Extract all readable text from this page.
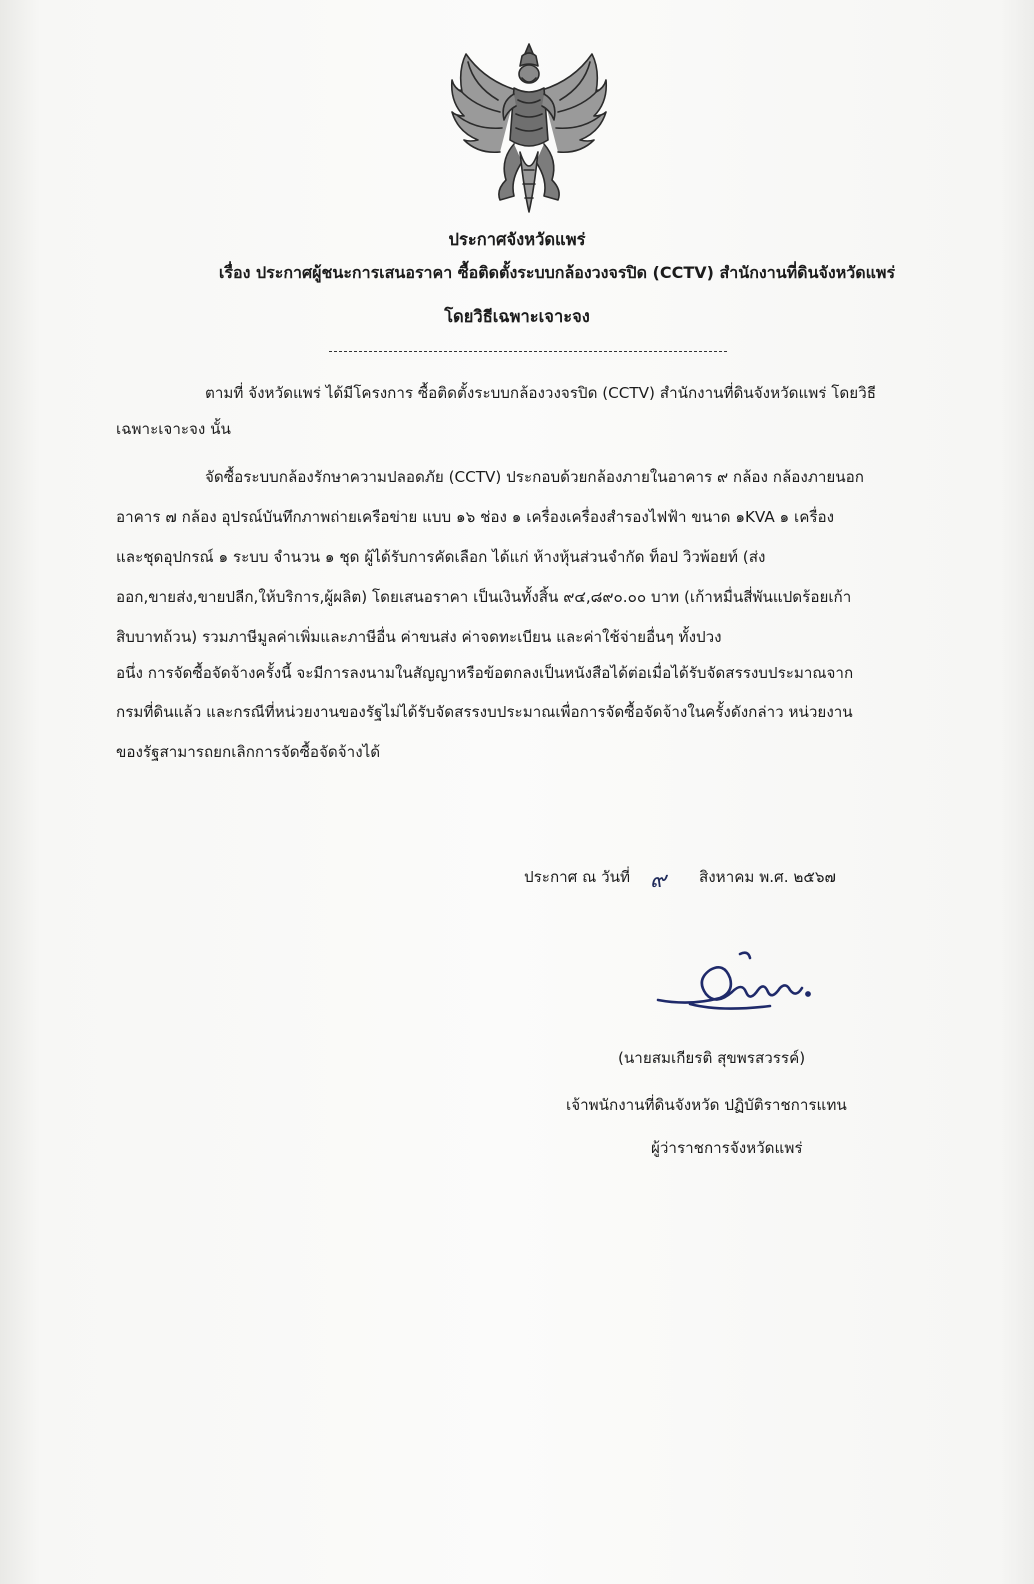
ประกาศจังหวัดแพร่
เรื่อง ประกาศผู้ชนะการเสนอราคา ซื้อติดตั้งระบบกล้องวงจรปิด (CCTV) สำนักงานที่ดินจังหวัดแพร่
โดยวิธีเฉพาะเจาะจง
ตามที่ จังหวัดแพร่ ได้มีโครงการ ซื้อติดตั้งระบบกล้องวงจรปิด (CCTV) สำนักงานที่ดินจังหวัดแพร่ โดยวิธี
เฉพาะเจาะจง นั้น
จัดซื้อระบบกล้องรักษาความปลอดภัย (CCTV) ประกอบด้วยกล้องภายในอาคาร ๙ กล้อง กล้องภายนอก
อาคาร ๗ กล้อง อุปรณ์บันทึกภาพถ่ายเครือข่าย แบบ ๑๖ ช่อง ๑ เครื่องเครื่องสำรองไฟฟ้า ขนาด ๑KVA ๑ เครื่อง
และชุดอุปกรณ์ ๑ ระบบ จำนวน ๑ ชุด ผู้ได้รับการคัดเลือก ได้แก่ ห้างหุ้นส่วนจำกัด ท็อป วิวพ้อยท์ (ส่ง
ออก,ขายส่ง,ขายปลีก,ให้บริการ,ผู้ผลิต) โดยเสนอราคา เป็นเงินทั้งสิ้น ๙๔,๘๙๐.๐๐ บาท (เก้าหมื่นสี่พันแปดร้อยเก้า
สิบบาทถ้วน) รวมภาษีมูลค่าเพิ่มและภาษีอื่น ค่าขนส่ง ค่าจดทะเบียน และค่าใช้จ่ายอื่นๆ ทั้งปวง
อนึ่ง การจัดซื้อจัดจ้างครั้งนี้ จะมีการลงนามในสัญญาหรือข้อตกลงเป็นหนังสือได้ต่อเมื่อได้รับจัดสรรงบประมาณจาก
กรมที่ดินแล้ว และกรณีที่หน่วยงานของรัฐไม่ได้รับจัดสรรงบประมาณเพื่อการจัดซื้อจัดจ้างในครั้งดังกล่าว หน่วยงาน
ของรัฐสามารถยกเลิกการจัดซื้อจัดจ้างได้
ประกาศ ณ วันที่ ๙ สิงหาคม พ.ศ. ๒๕๖๗
(นายสมเกียรติ สุขพรสวรรค์)
เจ้าพนักงานที่ดินจังหวัด ปฏิบัติราชการแทน
ผู้ว่าราชการจังหวัดแพร่
